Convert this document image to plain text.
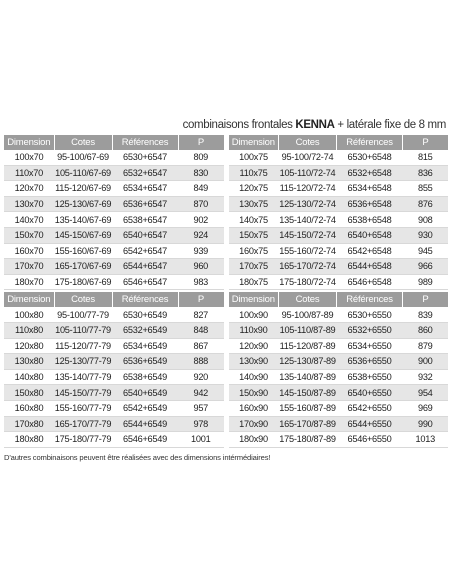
combinaisons frontales KENNA + latérale fixe de 8 mm
Dimension	Cotes	Références	P
100x70	95-100/67-69	6530+6547	809
110x70	105-110/67-69	6532+6547	830
120x70	115-120/67-69	6534+6547	849
130x70	125-130/67-69	6536+6547	870
140x70	135-140/67-69	6538+6547	902
150x70	145-150/67-69	6540+6547	924
160x70	155-160/67-69	6542+6547	939
170x70	165-170/67-69	6544+6547	960
180x70	175-180/67-69	6546+6547	983
Dimension	Cotes	Références	P
100x75	95-100/72-74	6530+6548	815
110x75	105-110/72-74	6532+6548	836
120x75	115-120/72-74	6534+6548	855
130x75	125-130/72-74	6536+6548	876
140x75	135-140/72-74	6538+6548	908
150x75	145-150/72-74	6540+6548	930
160x75	155-160/72-74	6542+6548	945
170x75	165-170/72-74	6544+6548	966
180x75	175-180/72-74	6546+6548	989
Dimension	Cotes	Références	P
100x80	95-100/77-79	6530+6549	827
110x80	105-110/77-79	6532+6549	848
120x80	115-120/77-79	6534+6549	867
130x80	125-130/77-79	6536+6549	888
140x80	135-140/77-79	6538+6549	920
150x80	145-150/77-79	6540+6549	942
160x80	155-160/77-79	6542+6549	957
170x80	165-170/77-79	6544+6549	978
180x80	175-180/77-79	6546+6549	1001
Dimension	Cotes	Références	P
100x90	95-100/87-89	6530+6550	839
110x90	105-110/87-89	6532+6550	860
120x90	115-120/87-89	6534+6550	879
130x90	125-130/87-89	6536+6550	900
140x90	135-140/87-89	6538+6550	932
150x90	145-150/87-89	6540+6550	954
160x90	155-160/87-89	6542+6550	969
170x90	165-170/87-89	6544+6550	990
180x90	175-180/87-89	6546+6550	1013
D'autres combinaisons peuvent être réalisées avec des dimensions intérmédiaires!
